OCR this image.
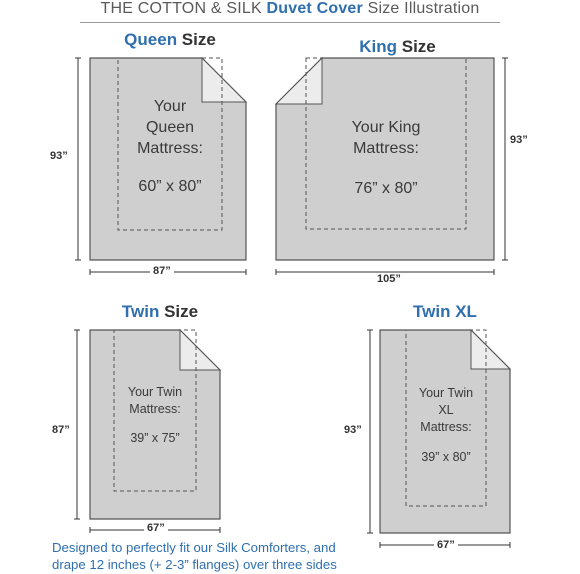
THE COTTON & SILK Duvet Cover Size Illustration
Queen Size
Your
Queen
Mattress:
60” x 80”
93”
87”
King Size
Your King
Mattress:
76” x 80”
93”
105”
Twin Size
Your Twin
Mattress:
39” x 75”
87”
67”
Twin XL
Your Twin
XL
Mattress:
39” x 80”
93”
67”
Designed to perfectly fit our Silk Comforters, and
drape 12 inches (+ 2-3” flanges) over three sides
